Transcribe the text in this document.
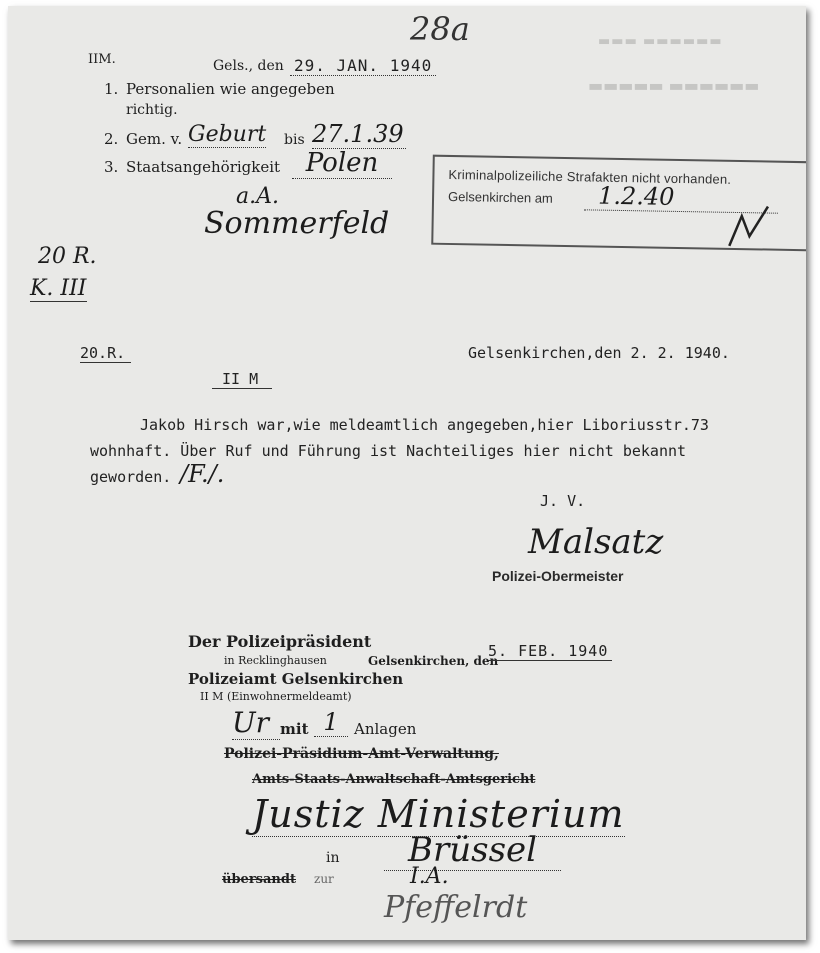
▬▬▬ ▬▬▬▬▬▬
▬▬▬▬▬ ▬▬▬▬▬▬
28a
IIM.	Gels., den 29. JAN. 1940
1. Personalien wie angegeben
richtig.
2. Gem. v. Geburt bis 27.1.39
3. Staatsangehörigkeit Polen
a.A.
Sommerfeld
20 R.
K. III
Kriminalpolizeiliche Strafakten nicht vorhanden.
Gelsenkirchen am	1.2.40
20.R.	Gelsenkirchen,den 2. 2. 1940.
II M
Jakob Hirsch war,wie meldeamtlich angegeben,hier Liboriusstr.73
wohnhaft. Über Ruf und Führung ist Nachteiliges hier nicht bekannt
geworden. /F./.
J. V.
Malsatz
Polizei-Obermeister
Der Polizeipräsident
in Recklinghausen
Polizeiamt Gelsenkirchen
II M (Einwohnermeldeamt)
Gelsenkirchen, den
5. FEB. 1940
Ur mit 1	Anlagen
Polizei-Präsidium-Amt-Verwaltung,
Amts-Staats-Anwaltschaft-Amtsgericht
Justiz Ministerium
in	Brüssel
übersandt zur	I.A.
Pfeffelrdt
